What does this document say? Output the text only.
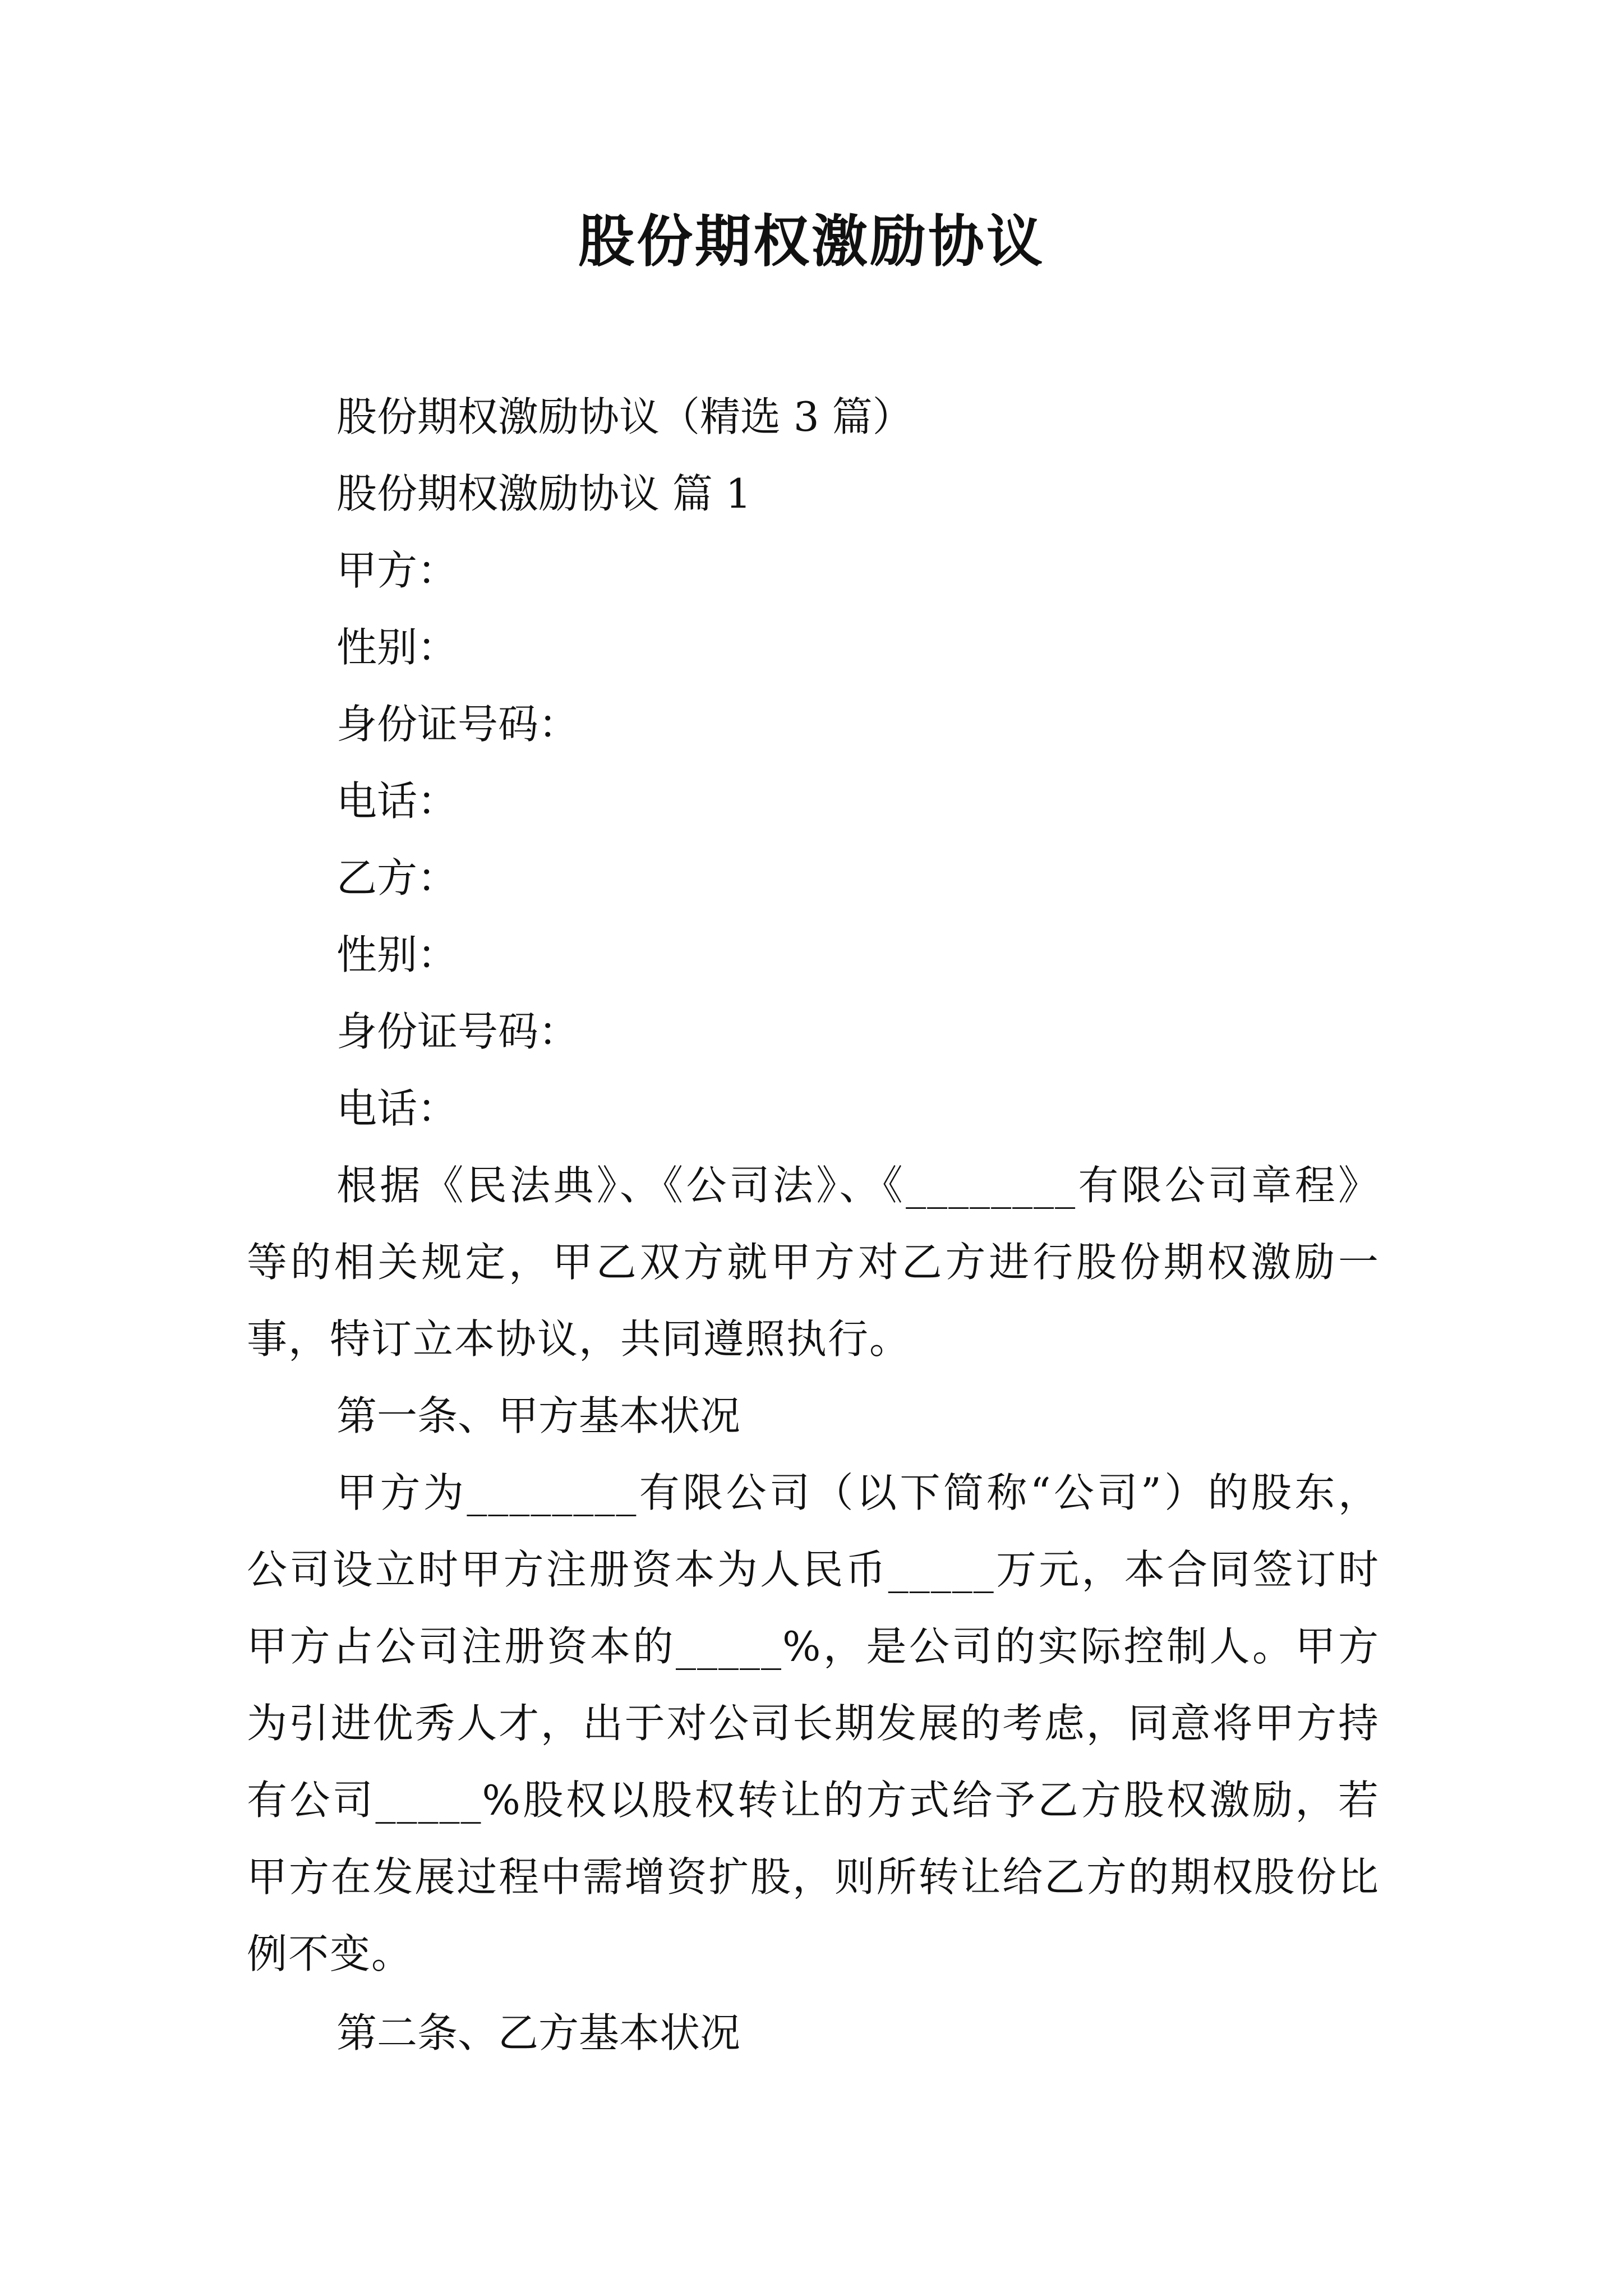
股份期权激励协议

股份期权激励协议（精选 3 篇）

股份期权激励协议 篇 1

甲方：

性别：

身份证号码：

电话：

乙方：

性别：

身份证号码：

电话：

根据《民法典》、《公司法》、《________有限公司章程》等的相关规定，甲乙双方就甲方对乙方进行股份期权激励一事，特订立本协议，共同遵照执行。

第一条、甲方基本状况

甲方为________有限公司（以下简称“公司”）的股东，公司设立时甲方注册资本为人民币_____万元，本合同签订时甲方占公司注册资本的_____%，是公司的实际控制人。甲方为引进优秀人才，出于对公司长期发展的考虑，同意将甲方持有公司_____%股权以股权转让的方式给予乙方股权激励，若甲方在发展过程中需增资扩股，则所转让给乙方的期权股份比例不变。

第二条、乙方基本状况
